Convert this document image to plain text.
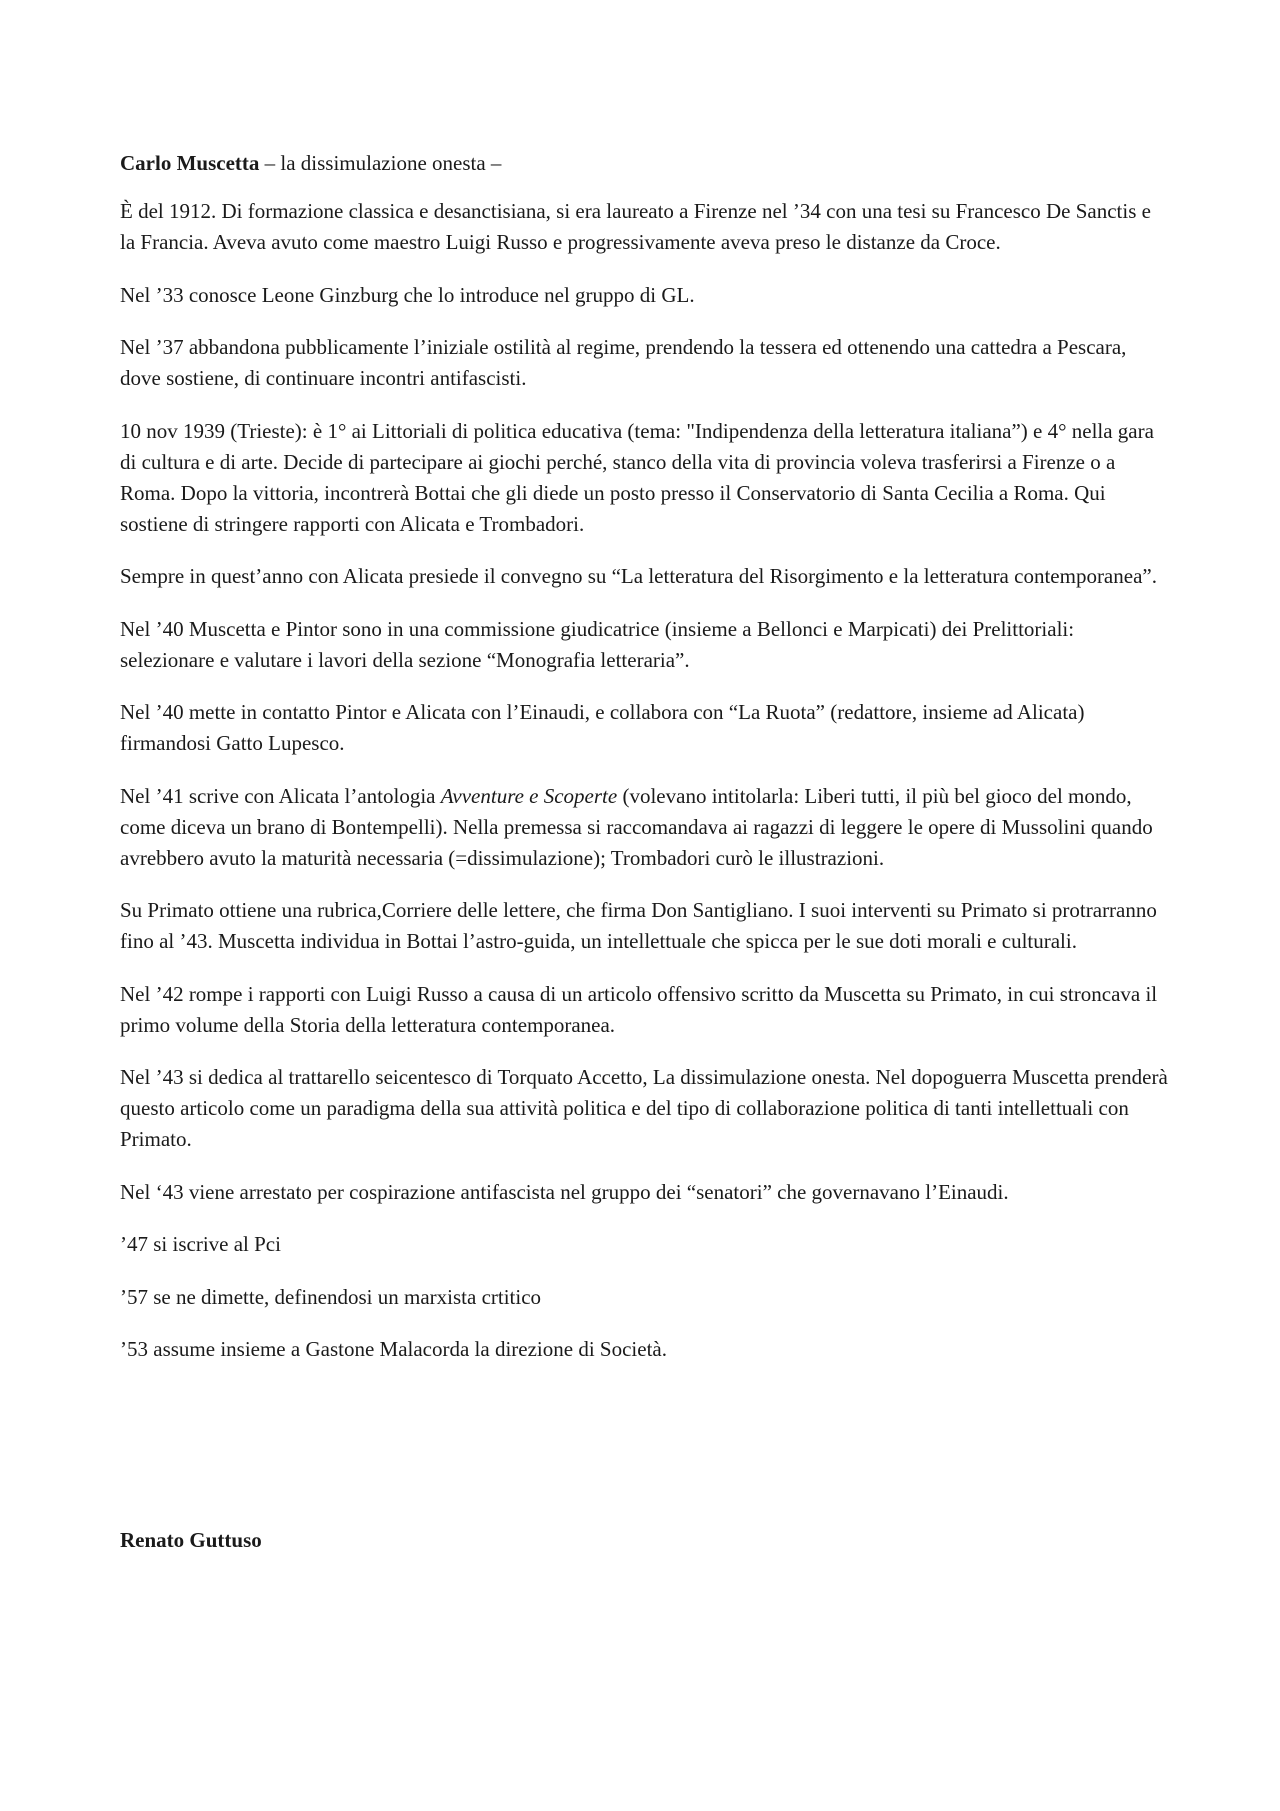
Carlo Muscetta – la dissimulazione onesta –

È del 1912. Di formazione classica e desanctisiana, si era laureato a Firenze nel ’34 con una tesi su Francesco De Sanctis e la Francia. Aveva avuto come maestro Luigi Russo e progressivamente aveva preso le distanze da Croce.

Nel ’33 conosce Leone Ginzburg che lo introduce nel gruppo di GL.

Nel ’37 abbandona pubblicamente l’iniziale ostilità al regime, prendendo la tessera ed ottenendo una cattedra a Pescara, dove sostiene, di continuare incontri antifascisti.

10 nov 1939 (Trieste): è 1° ai Littoriali di politica educativa (tema: "Indipendenza della letteratura italiana”) e 4° nella gara di cultura e di arte. Decide di partecipare ai giochi perché, stanco della vita di provincia voleva trasferirsi a Firenze o a Roma. Dopo la vittoria, incontrerà Bottai che gli diede un posto presso il Conservatorio di Santa Cecilia a Roma. Qui sostiene di stringere rapporti con Alicata e Trombadori.

Sempre in quest’anno con Alicata presiede il convegno su “La letteratura del Risorgimento e la letteratura contemporanea”.

Nel ’40 Muscetta e Pintor sono in una commissione giudicatrice (insieme a Bellonci e Marpicati) dei Prelittoriali: selezionare e valutare i lavori della sezione “Monografia letteraria”.

Nel ’40 mette in contatto Pintor e Alicata con l’Einaudi, e collabora con “La Ruota” (redattore, insieme ad Alicata) firmandosi Gatto Lupesco.

Nel ’41 scrive con Alicata l’antologia Avventure e Scoperte (volevano intitolarla: Liberi tutti, il più bel gioco del mondo, come diceva un brano di Bontempelli). Nella premessa si raccomandava ai ragazzi di leggere le opere di Mussolini quando avrebbero avuto la maturità necessaria (=dissimulazione); Trombadori curò le illustrazioni.

Su Primato ottiene una rubrica,Corriere delle lettere, che firma Don Santigliano. I suoi interventi su Primato si protrarranno fino al ’43. Muscetta individua in Bottai l’astro-guida, un intellettuale che spicca per le sue doti morali e culturali.

Nel ’42 rompe i rapporti con Luigi Russo a causa di un articolo offensivo scritto da Muscetta su Primato, in cui stroncava il primo volume della Storia della letteratura contemporanea.

Nel ’43 si dedica al trattarello seicentesco di Torquato Accetto, La dissimulazione onesta. Nel dopoguerra Muscetta prenderà questo articolo come un paradigma della sua attività politica e del tipo di collaborazione politica di tanti intellettuali con Primato.

Nel ‘43 viene arrestato per cospirazione antifascista nel gruppo dei “senatori” che governavano l’Einaudi.

’47 si iscrive al Pci

’57 se ne dimette, definendosi un marxista crtitico

’53 assume insieme a Gastone Malacorda la direzione di Società.

Renato Guttuso
